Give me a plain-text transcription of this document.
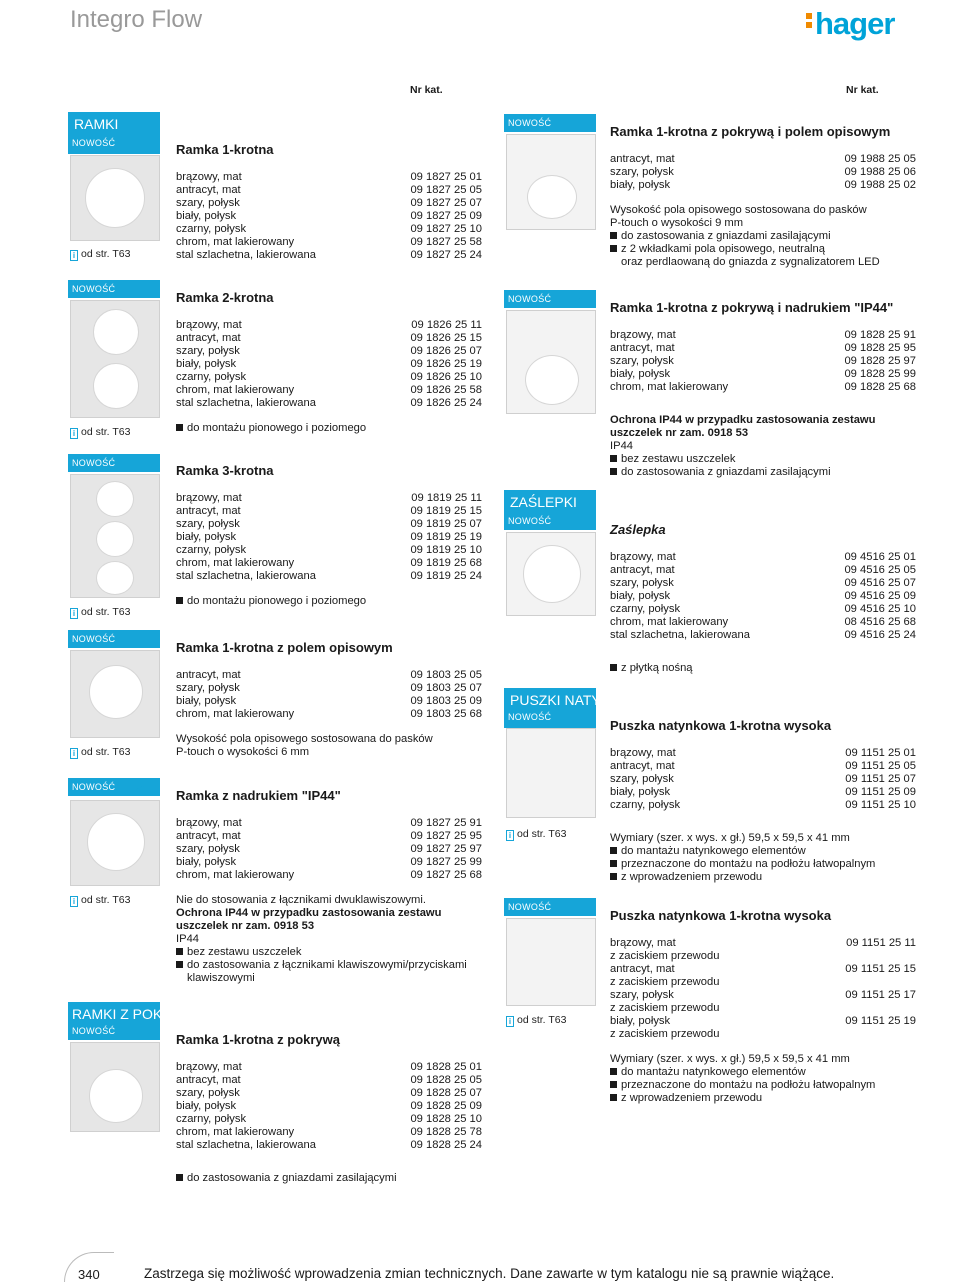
Integro Flow	hager
Nr kat.	Nr kat.
RAMKI
NOWOŚĆ
i od str. T63
NOWOŚĆ
i od str. T63
NOWOŚĆ
i od str. T63
NOWOŚĆ
i od str. T63
NOWOŚĆ ✓
i od str. T63
RAMKI Z POKRYWĄ
NOWOŚĆ
Ramka 1-krotna
brązowy, mat	09 1827 25 01
antracyt, mat	09 1827 25 05
szary, połysk	09 1827 25 07
biały, połysk	09 1827 25 09
czarny, połysk	09 1827 25 10
chrom, mat lakierowany	09 1827 25 58
stal szlachetna, lakierowana	09 1827 25 24
Ramka 2-krotna
brązowy, mat	09 1826 25 11
antracyt, mat	09 1826 25 15
szary, połysk	09 1826 25 07
biały, połysk	09 1826 25 19
czarny, połysk	09 1826 25 10
chrom, mat lakierowany	09 1826 25 58
stal szlachetna, lakierowana	09 1826 25 24
do montażu pionowego i poziomego
Ramka 3-krotna
brązowy, mat	09 1819 25 11
antracyt, mat	09 1819 25 15
szary, połysk	09 1819 25 07
biały, połysk	09 1819 25 19
czarny, połysk	09 1819 25 10
chrom, mat lakierowany	09 1819 25 68
stal szlachetna, lakierowana	09 1819 25 24
do montażu pionowego i poziomego
Ramka 1-krotna z polem opisowym
antracyt, mat	09 1803 25 05
szary, połysk	09 1803 25 07
biały, połysk	09 1803 25 09
chrom, mat lakierowany	09 1803 25 68
Wysokość pola opisowego sostosowana do pasków
P-touch o wysokości 6 mm
Ramka z nadrukiem "IP44"
brązowy, mat	09 1827 25 91
antracyt, mat	09 1827 25 95
szary, połysk	09 1827 25 97
biały, połysk	09 1827 25 99
chrom, mat lakierowany	09 1827 25 68
Nie do stosowania z łącznikami dwuklawiszowymi.
Ochrona IP44 w przypadku zastosowania zestawu
uszczelek nr zam. 0918 53
IP44
bez zestawu uszczelek
do zastosowania z łącznikami klawiszowymi/przyciskami
klawiszowymi
Ramka 1-krotna z pokrywą
brązowy, mat	09 1828 25 01
antracyt, mat	09 1828 25 05
szary, połysk	09 1828 25 07
biały, połysk	09 1828 25 09
czarny, połysk	09 1828 25 10
chrom, mat lakierowany	09 1828 25 78
stal szlachetna, lakierowana	09 1828 25 24
do zastosowania z gniazdami zasilającymi
NOWOŚĆ
NOWOŚĆ ✓
ZAŚLEPKI
NOWOŚĆ
PUSZKI NATYNKOWE
NOWOŚĆ
i od str. T63
NOWOŚĆ
i od str. T63
Ramka 1-krotna z pokrywą i polem opisowym
antracyt, mat	09 1988 25 05
szary, połysk	09 1988 25 06
biały, połysk	09 1988 25 02
Wysokość pola opisowego sostosowana do pasków
P-touch o wysokości 9 mm
do zastosowania z gniazdami zasilającymi
z 2 wkładkami pola opisowego, neutralną
oraz perdlaowaną do gniazda z sygnalizatorem LED
Ramka 1-krotna z pokrywą i nadrukiem "IP44"
brązowy, mat	09 1828 25 91
antracyt, mat	09 1828 25 95
szary, połysk	09 1828 25 97
biały, połysk	09 1828 25 99
chrom, mat lakierowany	09 1828 25 68
Ochrona IP44 w przypadku zastosowania zestawu
uszczelek nr zam. 0918 53
IP44
bez zestawu uszczelek
do zastosowania z gniazdami zasilającymi
Zaślepka
brązowy, mat	09 4516 25 01
antracyt, mat	09 4516 25 05
szary, połysk	09 4516 25 07
biały, połysk	09 4516 25 09
czarny, połysk	09 4516 25 10
chrom, mat lakierowany	08 4516 25 68
stal szlachetna, lakierowana	09 4516 25 24
z płytką nośną
Puszka natynkowa 1-krotna wysoka
brązowy, mat	09 1151 25 01
antracyt, mat	09 1151 25 05
szary, połysk	09 1151 25 07
biały, połysk	09 1151 25 09
czarny, połysk	09 1151 25 10
Wymiary (szer. x wys. x gł.) 59,5 x 59,5 x 41 mm
do mantażu natynkowego elementów
przeznaczone do montażu na podłożu łatwopalnym
z wprowadzeniem przewodu
Puszka natynkowa 1-krotna wysoka
brązowy, mat	09 1151 25 11
z zaciskiem przewodu
antracyt, mat	09 1151 25 15
z zaciskiem przewodu
szary, połysk	09 1151 25 17
z zaciskiem przewodu
biały, połysk	09 1151 25 19
z zaciskiem przewodu
Wymiary (szer. x wys. x gł.) 59,5 x 59,5 x 41 mm
do mantażu natynkowego elementów
przeznaczone do montażu na podłożu łatwopalnym
z wprowadzeniem przewodu
340	Zastrzega się możliwość wprowadzenia zmian technicznych. Dane zawarte w tym katalogu nie są prawnie wiążące.
